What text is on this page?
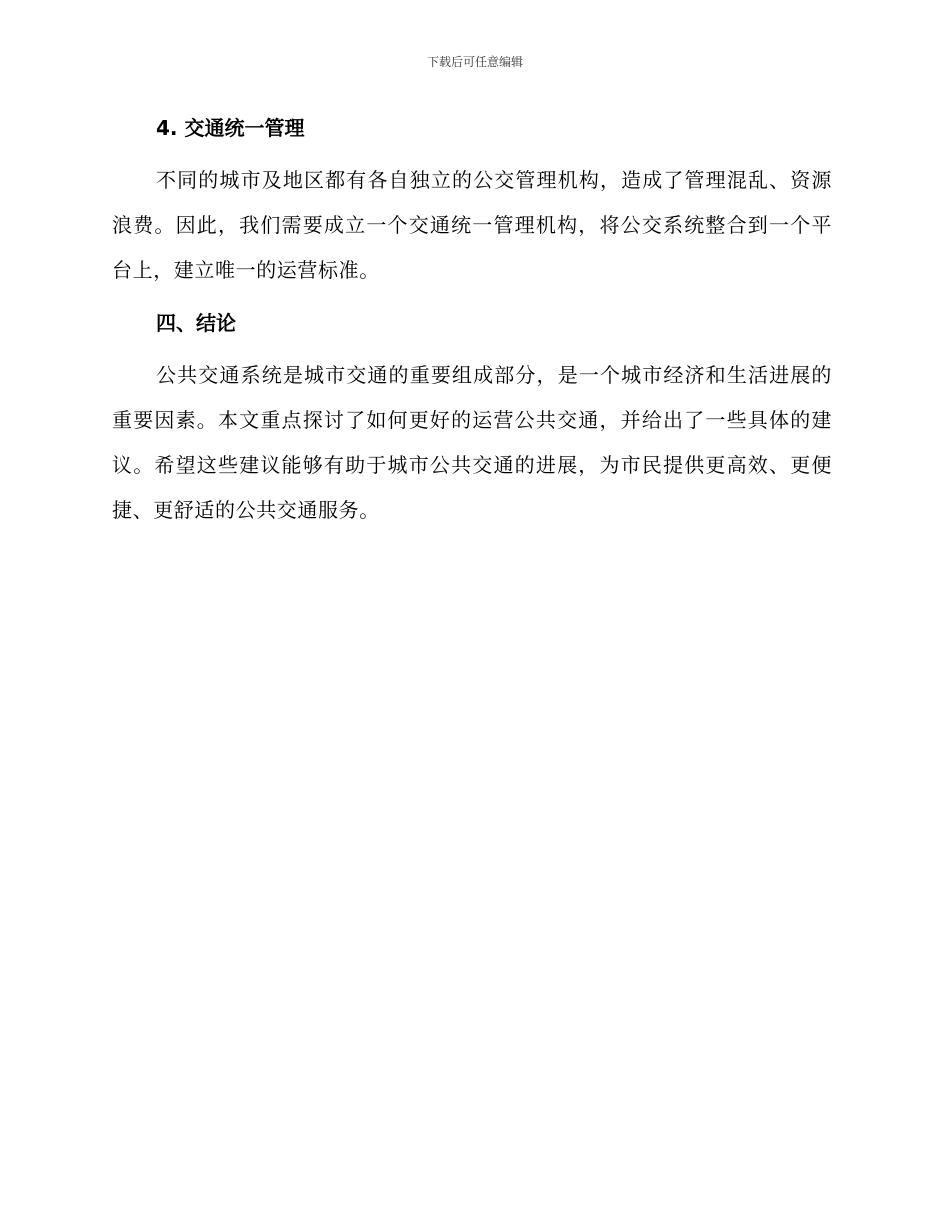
下载后可任意编辑
4. 交通统一管理

不同的城市及地区都有各自独立的公交管理机构，造成了管理混乱、资源浪费。因此，我们需要成立一个交通统一管理机构，将公交系统整合到一个平台上，建立唯一的运营标准。

四、结论

公共交通系统是城市交通的重要组成部分，是一个城市经济和生活进展的重要因素。本文重点探讨了如何更好的运营公共交通，并给出了一些具体的建议。希望这些建议能够有助于城市公共交通的进展，为市民提供更高效、更便捷、更舒适的公共交通服务。
